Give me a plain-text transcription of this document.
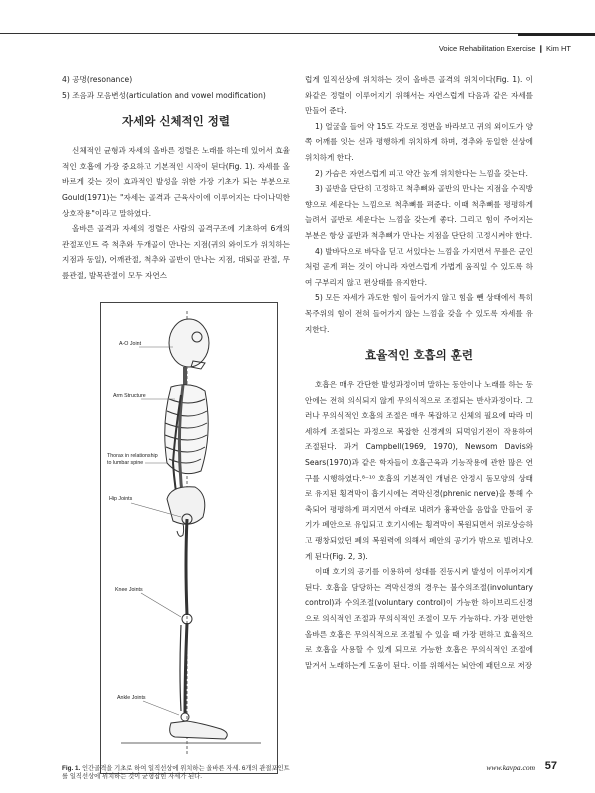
Voice Rehabilitation Exercise ❙ Kim HT

4) 공명(resonance)

5) 조음과 모음변성(articulation and vowel modification)

자세와 신체적인 정렬

신체적인 균형과 자세의 올바른 정렬은 노래를 하는데 있어서 효율적인 호흡에 가장 중요하고 기본적인 시작이 된다(Fig. 1). 자세를 올바르게 갖는 것이 효과적인 발성을 위한 가장 기초가 되는 부분으로 Gould(1971)는 "자세는 골격과 근육사이에 이루어지는 다이나믹한 상호작용"이라고 말하였다.

올바른 골격과 자세의 정렬은 사람의 골격구조에 기초하여 6개의 관절포인트 즉 척추와 두개골이 만나는 지점(귀의 와이도가 위치하는 지점과 동일), 어깨관절, 척추와 골반이 만나는 지점, 대퇴골 관절, 무릎관절, 발목관절이 모두 자연스

A-O Joint
Arm Structure
Thorax in relationship
to lumbar spine
Hip Joints
Knee Joints
Ankle Joints
Fig. 1. 인간골격을 기초로 하여 일직선상에 위치하는 올바른 자세. 6개의 관절포인트를 일직선상에 위치하는 것이 균형잡힌 자세가 된다.

럽게 일직선상에 위치하는 것이 올바른 골격의 위치이다(Fig. 1). 이와같은 정렬이 이루어지기 위해서는 자연스럽게 다음과 같은 자세를 만들어 준다.

1) 얼굴을 들어 약 15도 각도로 정면을 바라보고 귀의 외이도가 양쪽 어깨를 잇는 선과 평행하게 위치하게 하며, 경추와 동일한 선상에 위치하게 한다.

2) 가슴은 자연스럽게 피고 약간 높게 위치한다는 느낌을 갖는다.

3) 골반을 단단히 고정하고 척추뼈와 골반의 만나는 지점을 수직방향으로 세운다는 느낌으로 척추뼈를 펴준다. 이때 척추뼈를 평평하게 늘려서 골반로 세운다는 느낌을 갖는게 좋다. 그리고 힘이 주어지는 부분은 항상 골반과 척추뼈가 만나는 지점을 단단히 고정시켜야 한다.

4) 발바닥으로 바닥을 딛고 서있다는 느낌을 가지면서 무릎은 군인처럼 곧게 펴는 것이 아니라 자연스럽게 가볍게 움직일 수 있도록 하여 구부리지 않고 편상태를 유지한다.

5) 모든 자세가 과도한 힘이 들어가지 않고 힘을 뺀 상태에서 특히 목주위의 힘이 전혀 들어가지 않는 느낌을 갖을 수 있도록 자세를 유지한다.

효율적인 호흡의 훈련

호흡은 매우 간단한 발성과정이며 말하는 동안이나 노래를 하는 동안에는 전혀 의식되지 않게 무의식적으로 조절되는 반사과정이다. 그러나 무의식적인 호흡의 조절은 매우 복잡하고 신체의 필요에 따라 미세하게 조절되는 과정으로 복잡한 신경계의 되먹임기전이 작용하여 조절된다. 과거 Campbell(1969, 1970), Newsom Davis와 Sears(1970)과 같은 학자들이 호흡근육과 기능작용에 관한 많은 연구를 시행하였다.⁸⁻¹⁰ 호흡의 기본적인 개념은 안정시 돔모양의 상태로 유지된 횡격막이 흡기시에는 격막신경(phrenic nerve)을 통해 수축되어 평평하게 펴지면서 아래로 내려가 흉곽안을 음압을 만들어 공기가 폐안으로 유입되고 호기시에는 횡격막이 복원되면서 위로상승하고 팽창되었던 폐의 복원력에 의해서 폐안의 공기가 밖으로 빌려나오게 된다(Fig. 2, 3).

이때 호기의 공기를 이용하여 성대를 진동시켜 발성이 이루어지게 된다. 호흡을 담당하는 격막신경의 경우는 불수의조절(involuntary control)과 수의조절(voluntary control)이 가능한 하이브리드신경으로 의식적인 조절과 무의식적인 조절이 모두 가능하다. 가장 편안한 올바른 호흡은 무의식적으로 조절될 수 있을 때 가장 편하고 효율적으로 호흡을 사용할 수 있게 되므로 가능한 호흡은 무의식적인 조절에 맡겨서 노래하는게 도움이 된다. 이를 위해서는 뇌안에 패턴으로 저장

www.kavpa.com 57
